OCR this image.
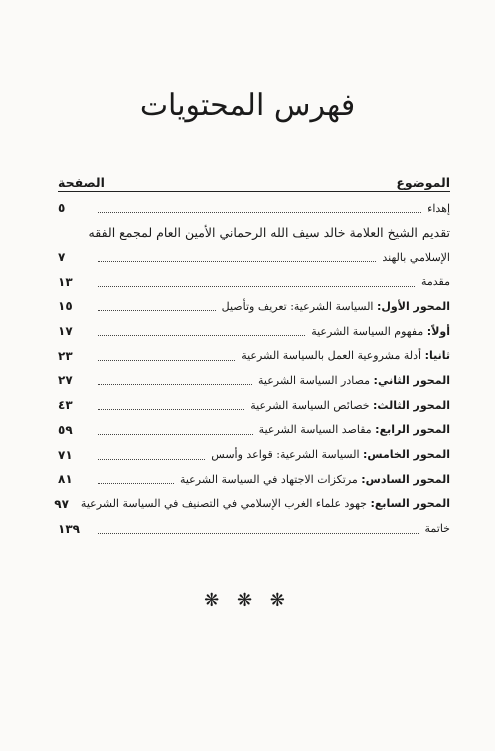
فهرس المحتويات
الموضوع
الصفحة
إهداء
٥
تقديم الشيخ العلامة خالد سيف الله الرحماني الأمين العام لمجمع الفقه
الإسلامي بالهند
٧
مقدمة
١٣
المحور الأول: السياسة الشرعية: تعريف وتأصيل
١٥
أولاً: مفهوم السياسة الشرعية
١٧
ثانيا: أدلة مشروعية العمل بالسياسة الشرعية
٢٣
المحور الثاني: مصادر السياسة الشرعية
٢٧
المحور الثالث: خصائص السياسة الشرعية
٤٣
المحور الرابع: مقاصد السياسة الشرعية
٥٩
المحور الخامس: السياسة الشرعية: قواعد وأسس
٧١
المحور السادس: مرتكزات الاجتهاد في السياسة الشرعية
٨١
المحور السابع: جهود علماء الغرب الإسلامي في التصنيف في السياسة الشرعية
٩٧
خاتمة
١٣٩
❋ ❋ ❋
